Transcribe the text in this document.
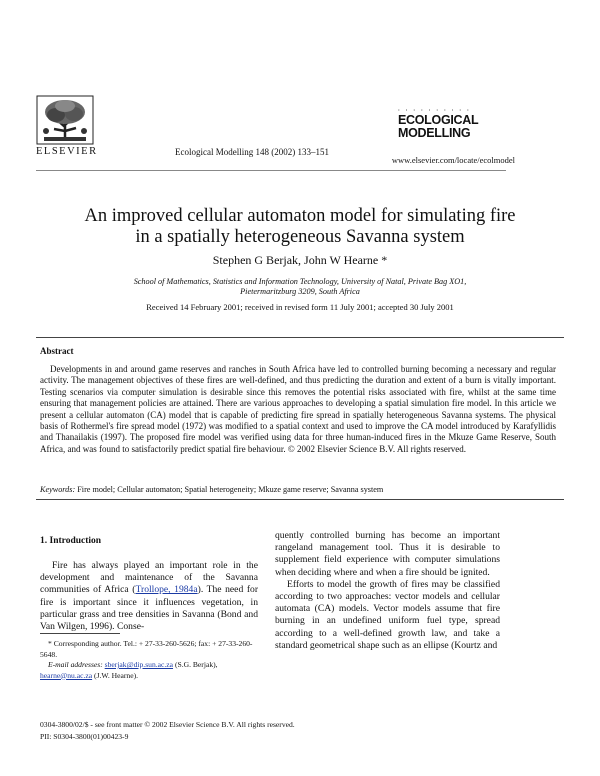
ELSEVIER	Ecological Modelling 148 (2002) 133–151
· · · · · · · · · ·
ECOLOGICAL
MODELLING
www.elsevier.com/locate/ecolmodel
An improved cellular automaton model for simulating fire
in a spatially heterogeneous Savanna system
Stephen G Berjak, John W Hearne *
School of Mathematics, Statistics and Information Technology, University of Natal, Private Bag XO1,
Pietermaritzburg 3209, South Africa
Received 14 February 2001; received in revised form 11 July 2001; accepted 30 July 2001
Abstract
Developments in and around game reserves and ranches in South Africa have led to controlled burning becoming a necessary and regular activity. The management objectives of these fires are well-defined, and thus predicting the duration and extent of a burn is vitally important. Testing scenarios via computer simulation is desirable since this removes the potential risks associated with fire, whilst at the same time ensuring that management policies are attained. There are various approaches to developing a spatial simulation fire model. In this article we present a cellular automaton (CA) model that is capable of predicting fire spread in spatially heterogeneous Savanna systems. The physical basis of Rothermel's fire spread model (1972) was modified to a spatial context and used to improve the CA model introduced by Karafyllidis and Thanailakis (1997). The proposed fire model was verified using data for three human-induced fires in the Mkuze Game Reserve, South Africa, and was found to satisfactorily predict spatial fire behaviour. © 2002 Elsevier Science B.V. All rights reserved.
Keywords: Fire model; Cellular automaton; Spatial heterogeneity; Mkuze game reserve; Savanna system
1. Introduction

Fire has always played an important role in the development and maintenance of the Savanna communities of Africa (Trollope, 1984a). The need for fire is important since it influences vegetation, in particular grass and tree densities in Savanna (Bond and Van Wilgen, 1996). Conse-

* Corresponding author. Tel.: + 27-33-260-5626; fax: + 27-33-260-5648.
E-mail addresses: sberjak@dip.sun.ac.za (S.G. Berjak), hearne@nu.ac.za (J.W. Hearne).

quently controlled burning has become an important rangeland management tool. Thus it is desirable to supplement field experience with computer simulations when deciding where and when a fire should be ignited.

Efforts to model the growth of fires may be classified according to two approaches: vector models and cellular automata (CA) models. Vector models assume that fire burning in an undefined uniform fuel type, spread according to a well-defined growth law, and take a standard geometrical shape such as an ellipse (Kourtz and

0304-3800/02/$ - see front matter © 2002 Elsevier Science B.V. All rights reserved.
PII: S0304-3800(01)00423-9
